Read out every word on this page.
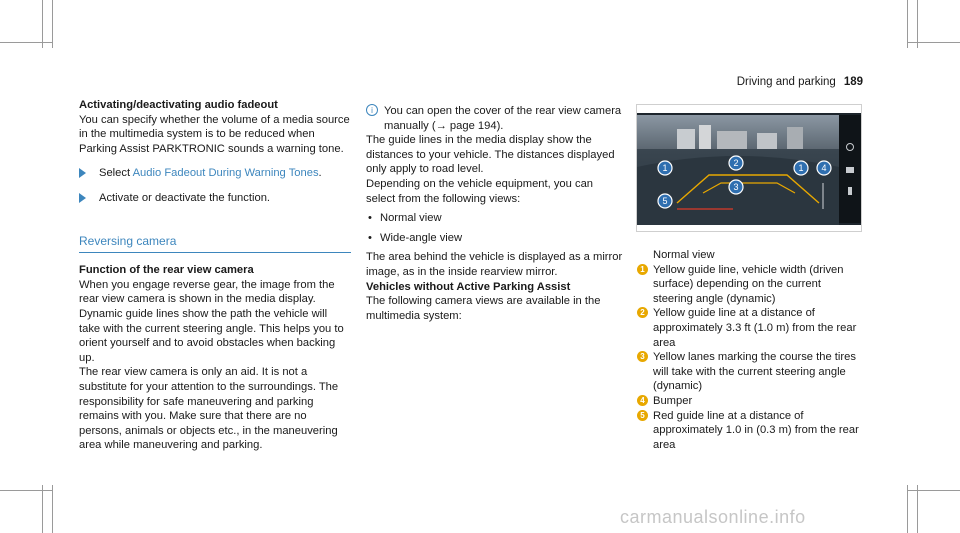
Driving and parking 189

Activating/deactivating audio fadeout

You can specify whether the volume of a media source in the multimedia system is to be reduced when Parking Assist PARKTRONIC sounds a warning tone.

Select Audio Fadeout During Warning Tones.
Activate or deactivate the function.
Reversing camera

Function of the rear view camera

When you engage reverse gear, the image from the rear view camera is shown in the media display. Dynamic guide lines show the path the vehicle will take with the current steering angle. This helps you to orient yourself and to avoid obstacles when backing up.

The rear view camera is only an aid. It is not a substitute for your attention to the surroundings. The responsibility for safe maneuvering and parking remains with you. Make sure that there are no persons, animals or objects etc., in the maneuvering area while maneuvering and parking.

i You can open the cover of the rear view camera manually (→ page 194).

The guide lines in the media display show the distances to your vehicle. The distances displayed only apply to road level.

Depending on the vehicle equipment, you can select from the following views:

• Normal view
• Wide-angle view

The area behind the vehicle is displayed as a mirror image, as in the inside rearview mirror.

Vehicles without Active Parking Assist

The following camera views are available in the multimedia system:

1	2	1 4
3
5

Normal view

1 Yellow guide line, vehicle width (driven surface) depending on the current steering angle (dynamic)
2 Yellow guide line at a distance of approximately 3.3 ft (1.0 m) from the rear area
3 Yellow lanes marking the course the tires will take with the current steering angle (dynamic)
4 Bumper
5 Red guide line at a distance of approximately 1.0 in (0.3 m) from the rear area
carmanualsonline.info
